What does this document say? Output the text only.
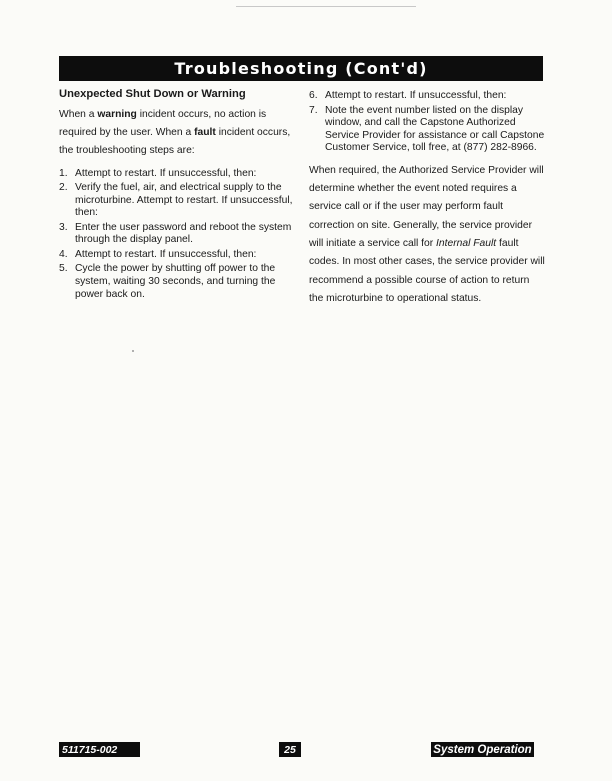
Troubleshooting (Cont'd)
Unexpected Shut Down or Warning

When a warning incident occurs, no action is required by the user. When a fault incident occurs, the troubleshooting steps are:

1. Attempt to restart. If unsuccessful, then:
2. Verify the fuel, air, and electrical supply to the microturbine. Attempt to restart. If unsuccessful, then:
3. Enter the user password and reboot the system through the display panel.
4. Attempt to restart. If unsuccessful, then:
5. Cycle the power by shutting off power to the system, waiting 30 seconds, and turning the power back on.
6. Attempt to restart. If unsuccessful, then:
7. Note the event number listed on the display window, and call the Capstone Authorized Service Provider for assistance or call Capstone Customer Service, toll free, at (877) 282-8966.

When required, the Authorized Service Provider will determine whether the event noted requires a service call or if the user may perform fault correction on site. Generally, the service provider will initiate a service call for Internal Fault fault codes. In most other cases, the service provider will recommend a possible course of action to return the microturbine to operational status.

511715-002	25	System Operation
